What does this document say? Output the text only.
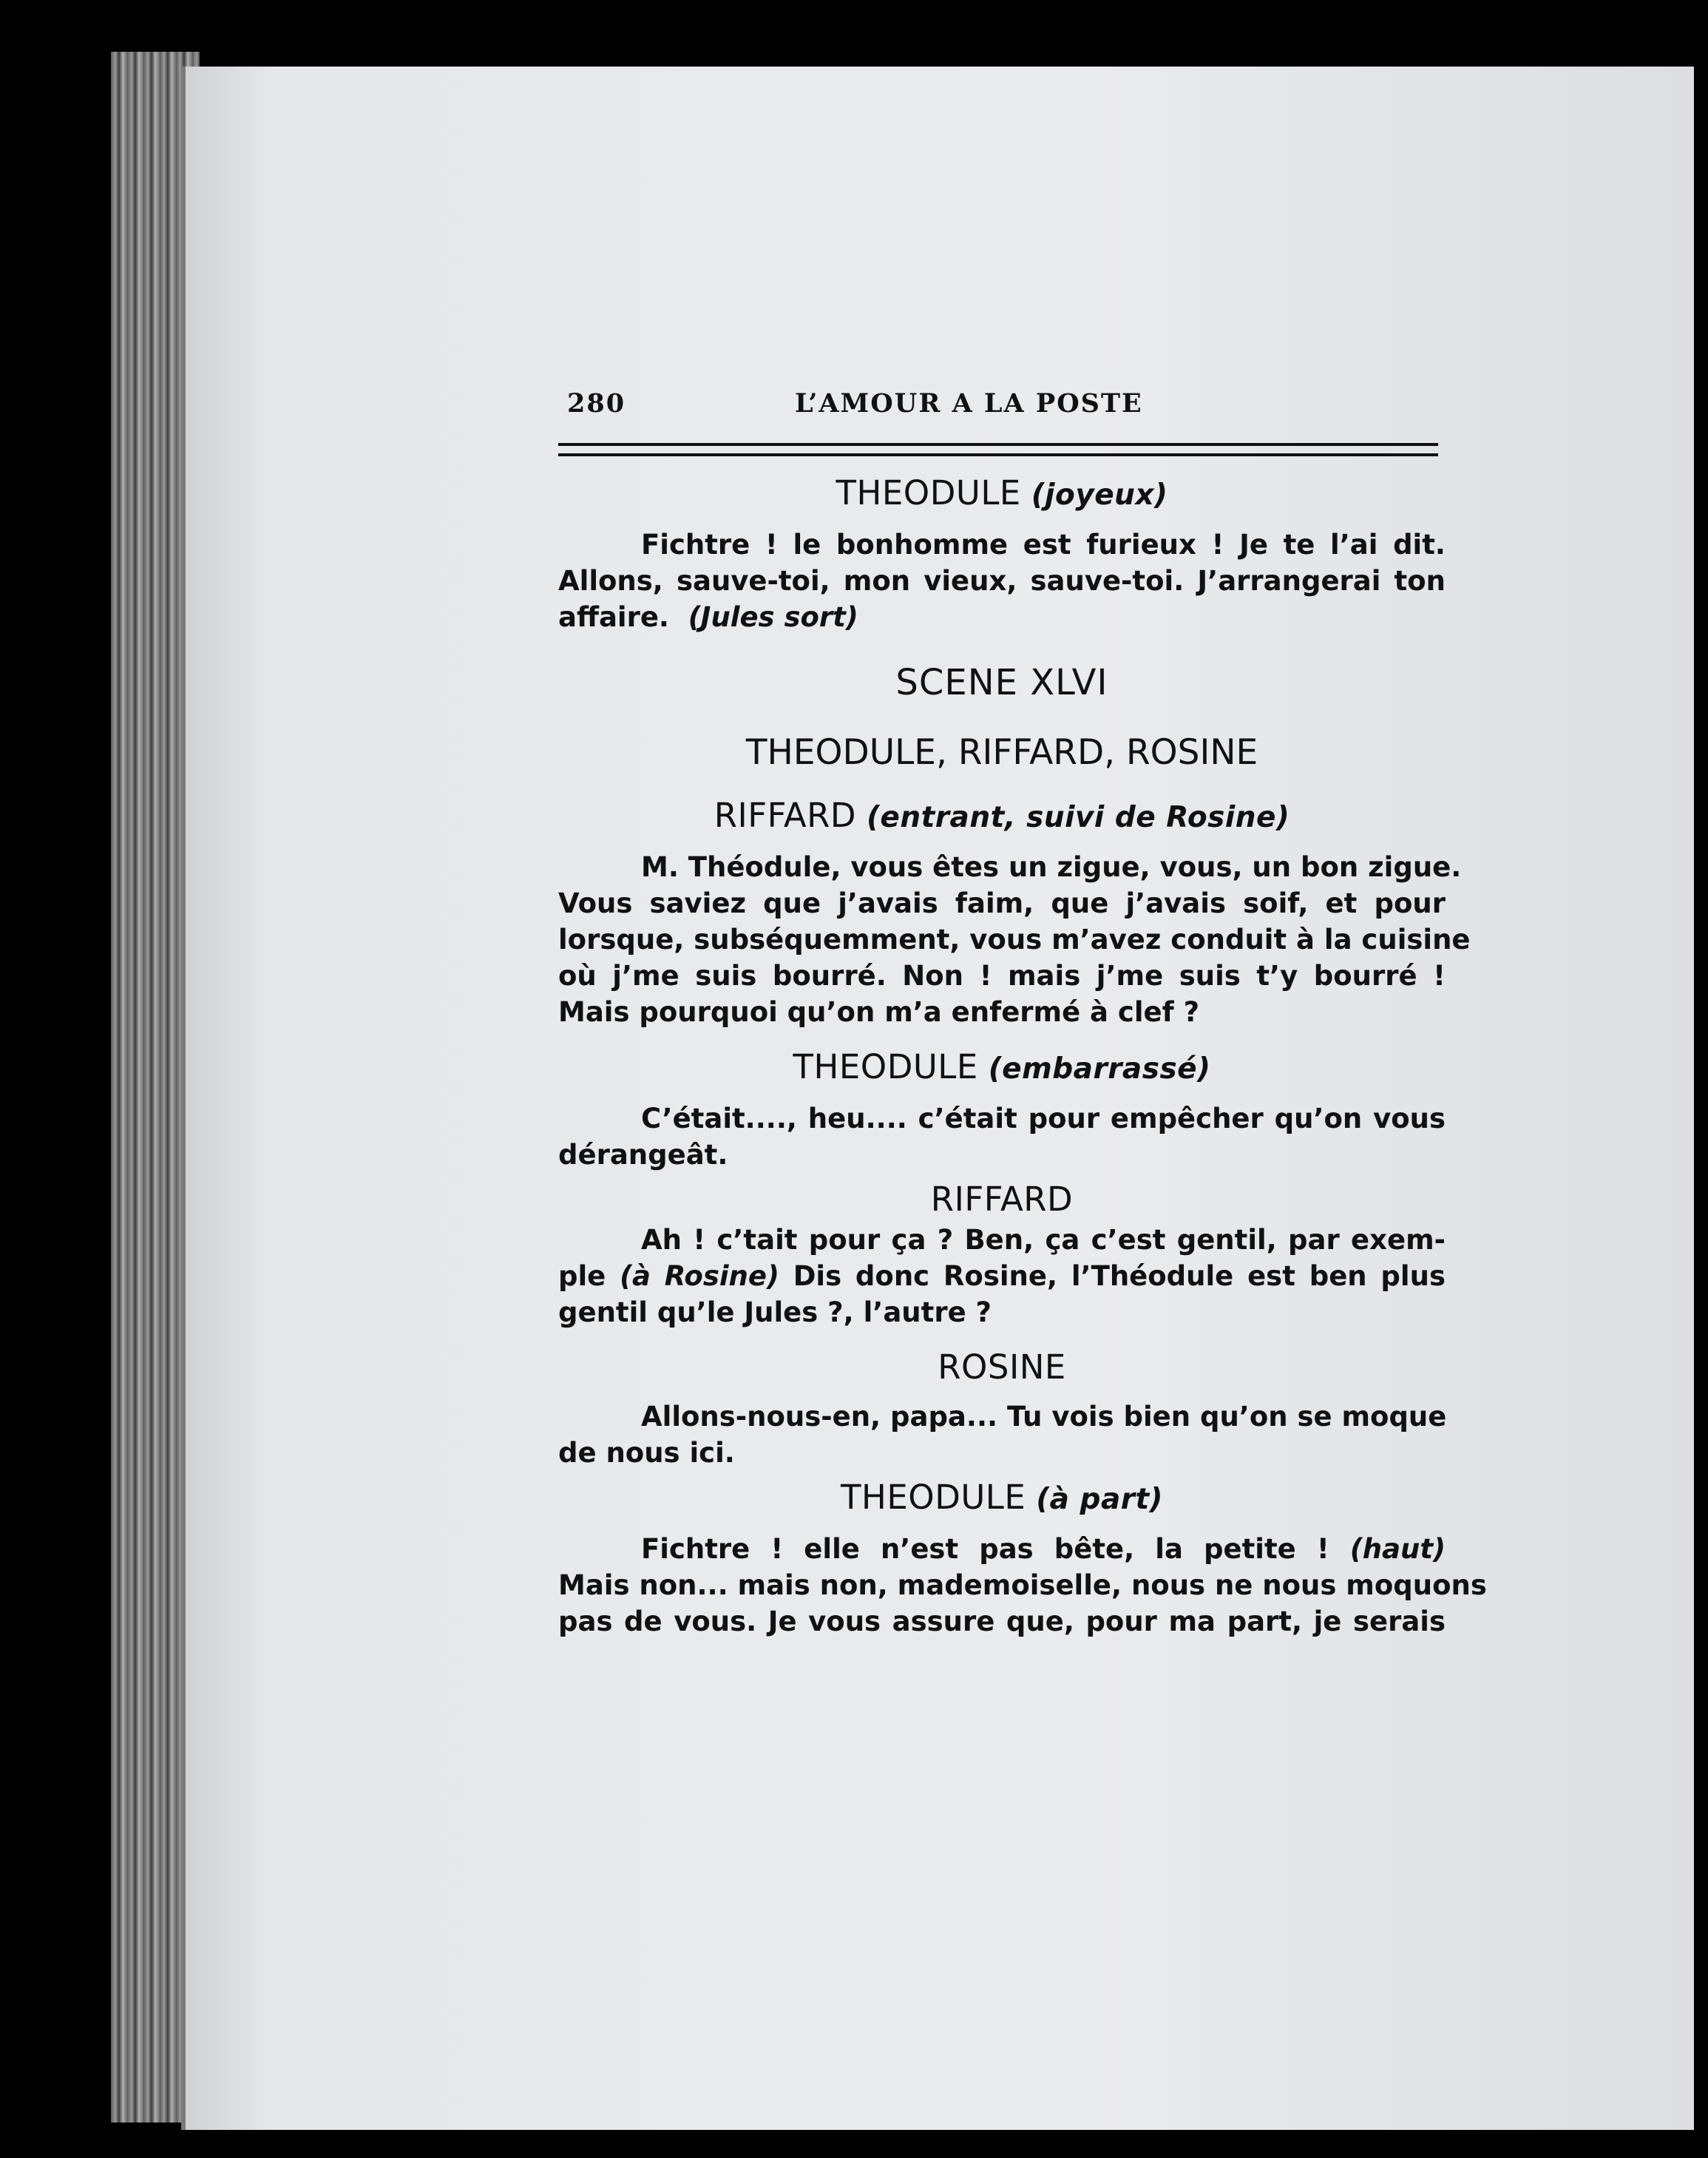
280	L’AMOUR A LA POSTE
THEODULE (joyeux)
Fichtre ! le bonhomme est furieux ! Je te l’ai dit.
Allons, sauve-toi, mon vieux, sauve-toi. J’arrangerai ton
affaire. (Jules sort)
SCENE XLVI
THEODULE, RIFFARD, ROSINE
RIFFARD (entrant, suivi de Rosine)
M. Théodule, vous êtes un zigue, vous, un bon zigue.
Vous saviez que j’avais faim, que j’avais soif, et pour
lorsque, subséquemment, vous m’avez conduit à la cuisine
où j’me suis bourré. Non ! mais j’me suis t’y bourré !
Mais pourquoi qu’on m’a enfermé à clef ?
THEODULE (embarrassé)
C’était...., heu.... c’était pour empêcher qu’on vous
dérangeât.
RIFFARD
Ah ! c’tait pour ça ? Ben, ça c’est gentil, par exem-
ple (à Rosine) Dis donc Rosine, l’Théodule est ben plus
gentil qu’le Jules ?, l’autre ?
ROSINE
Allons-nous-en, papa... Tu vois bien qu’on se moque
de nous ici.
THEODULE (à part)
Fichtre ! elle n’est pas bête, la petite ! (haut)
Mais non... mais non, mademoiselle, nous ne nous moquons
pas de vous. Je vous assure que, pour ma part, je serais
